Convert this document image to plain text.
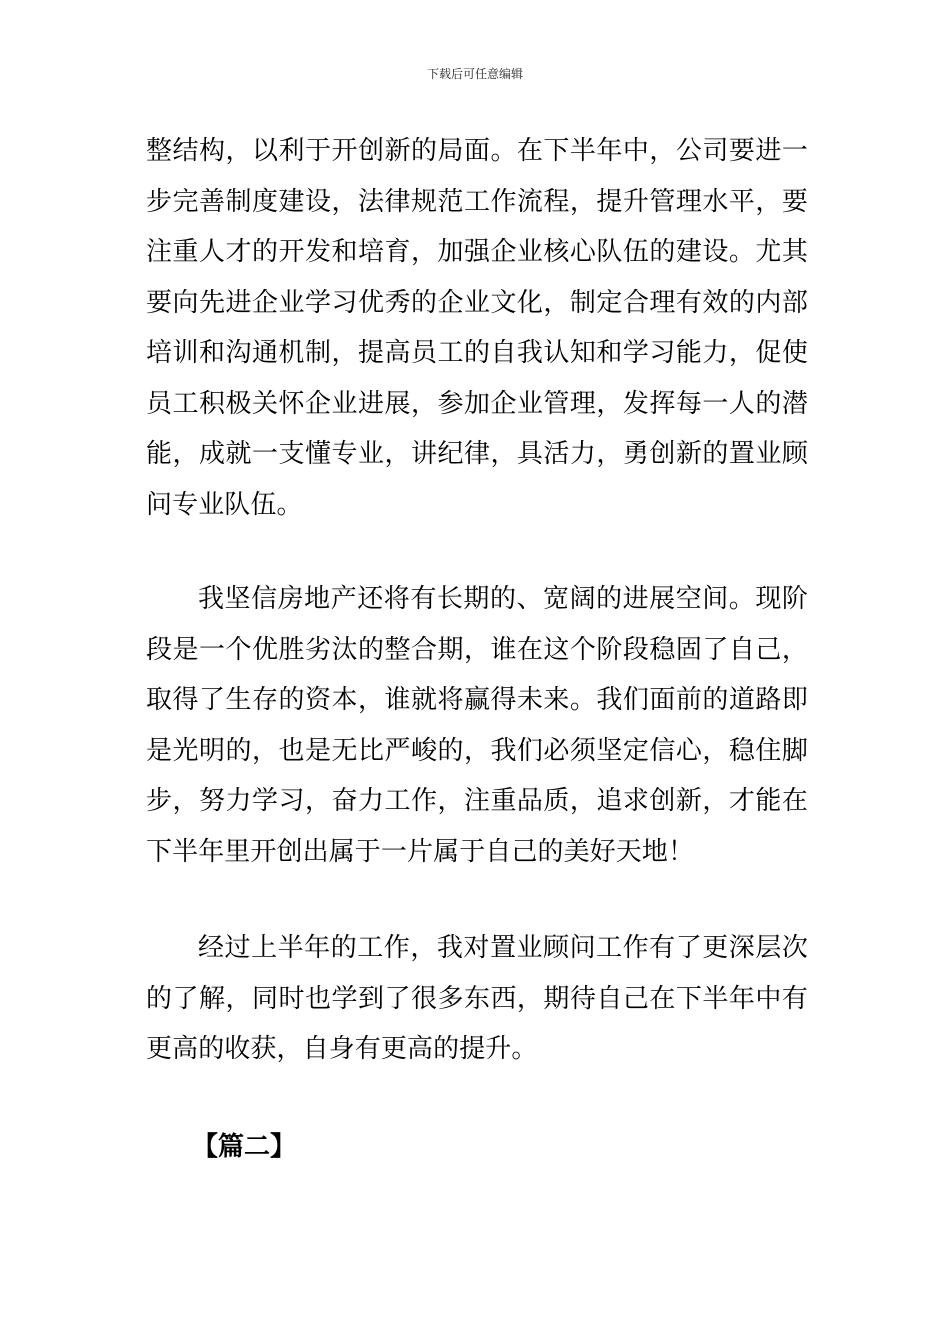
下载后可任意编辑

整结构，以利于开创新的局面。在下半年中，公司要进一步完善制度建设，法律规范工作流程，提升管理水平，要注重人才的开发和培育，加强企业核心队伍的建设。尤其要向先进企业学习优秀的企业文化，制定合理有效的内部培训和沟通机制，提高员工的自我认知和学习能力，促使员工积极关怀企业进展，参加企业管理，发挥每一人的潜能，成就一支懂专业，讲纪律，具活力，勇创新的置业顾问专业队伍。

我坚信房地产还将有长期的、宽阔的进展空间。现阶段是一个优胜劣汰的整合期，谁在这个阶段稳固了自己，取得了生存的资本，谁就将赢得未来。我们面前的道路即是光明的，也是无比严峻的，我们必须坚定信心，稳住脚步，努力学习，奋力工作，注重品质，追求创新，才能在下半年里开创出属于一片属于自己的美好天地！

经过上半年的工作，我对置业顾问工作有了更深层次的了解，同时也学到了很多东西，期待自己在下半年中有更高的收获，自身有更高的提升。

【篇二】
